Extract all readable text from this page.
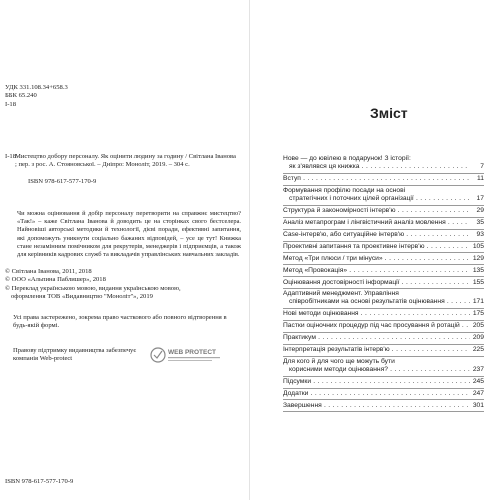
УДК 331.108.34+658.3
ББК 65.240
І-18
І-18 Мистецтво добору персоналу. Як оцінити людину за годину / Світлана Іванова ; пер. з рос. А. Стояновської. – Дніпро: Моноліт, 2019. – 304 с.
ISBN 978-617-577-170-9
Чи можна оцінювання й добір персоналу перетворити на справжнє мистецтво? «Так!» – каже Світлана Іванова й доводить це на сторінках свого бестселера. Найновіші авторські методики й технології, дієві поради, ефективні запитання, які допоможуть уникнути соціально бажаних відповідей, – усе це тут! Книжка стане незамінним помічником для рекрутерів, менеджерів і підприємців, а також для керівників кадрових служб та викладачів управлінських навчальних закладів.
© Світлана Іванова, 2011, 2018
© ООО «Альпина Паблишер», 2018
© Переклад українською мовою, видання українською мовою,
оформлення ТОВ «Видавництво "Моноліт"», 2019
Усі права застережено, зокрема право часткового або повного відтворення в будь-якій формі.
Правову підтримку видавництва забезпечує компанія Web-protect
WEB PROTECT
ISBN 978-617-577-170-9
Зміст
Нове — до ювілею в подарунок! З історії:
як з'являвся ця книжка . . .	7
Вступ . . .	11
Формування профілю посади на основі
стратегічних і поточних цілей організації . . .	17
Структура й закономірності інтерв'ю . . .	29
Аналіз метапрограм і лінгвістичний аналіз мовлення . . .	35
Case-інтерв'ю, або ситуаційне інтерв'ю . . .	93
Проективні запитання та проективне інтерв'ю . . .	105
Метод «Три плюси / три мінуси» . . .	129
Метод «Провокація» . . .	135
Оцінювання достовірності інформації . . .	155
Адаптивний менеджмент. Управління
співробітниками на основі результатів оцінювання . . .	171
Нові методи оцінювання . . .	175
Пастки оціночних процедур під час просування й ротацій . . .	205
Практикум . . .	209
Інтерпретація результатів інтерв'ю . . .	225
Для кого й для чого ще можуть бути
корисними методи оцінювання? . . .	237
Підсумки . . .	245
Додатки . . .	247
Завершення . . .	301
